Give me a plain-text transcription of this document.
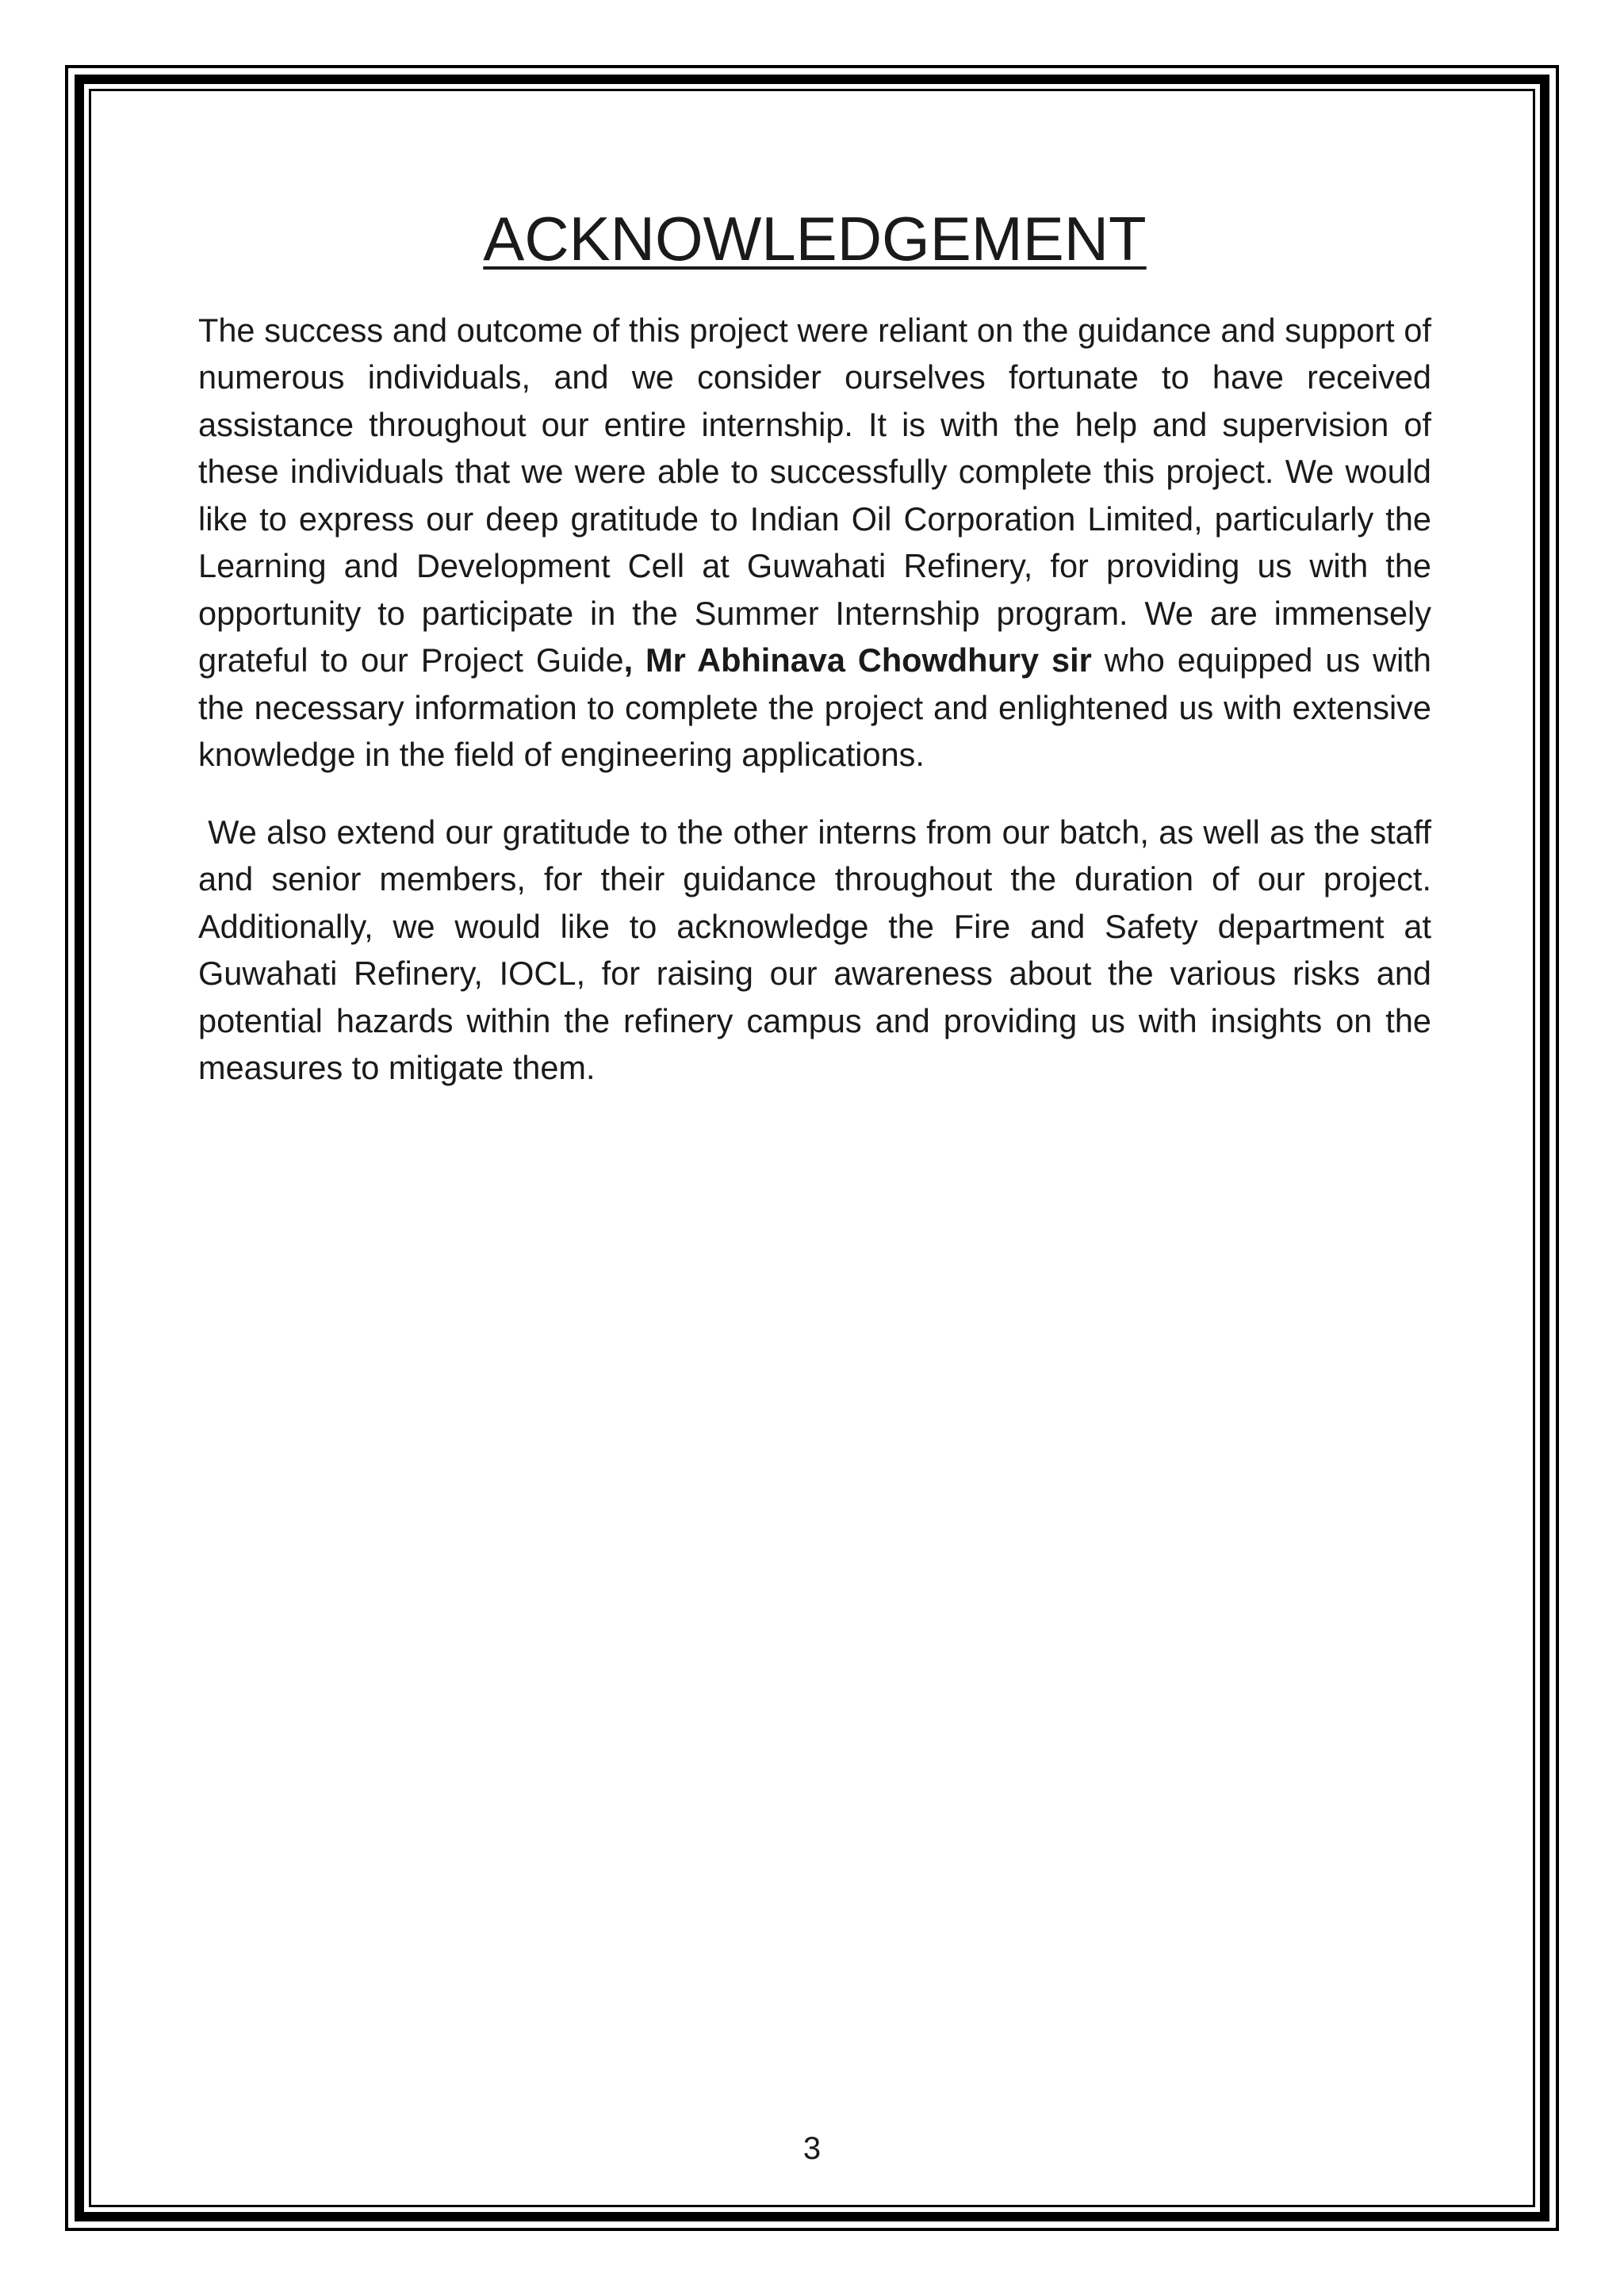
ACKNOWLEDGEMENT

The success and outcome of this project were reliant on the guidance and support of numerous individuals, and we consider ourselves fortunate to have received assistance throughout our entire internship. It is with the help and supervision of these individuals that we were able to successfully complete this project. We would like to express our deep gratitude to Indian Oil Corporation Limited, particularly the Learning and Development Cell at Guwahati Refinery, for providing us with the opportunity to participate in the Summer Internship program. We are immensely grateful to our Project Guide, Mr Abhinava Chowdhury sir who equipped us with the necessary information to complete the project and enlightened us with extensive knowledge in the field of engineering applications.

We also extend our gratitude to the other interns from our batch, as well as the staff and senior members, for their guidance throughout the duration of our project. Additionally, we would like to acknowledge the Fire and Safety department at Guwahati Refinery, IOCL, for raising our awareness about the various risks and potential hazards within the refinery campus and providing us with insights on the measures to mitigate them.

3
